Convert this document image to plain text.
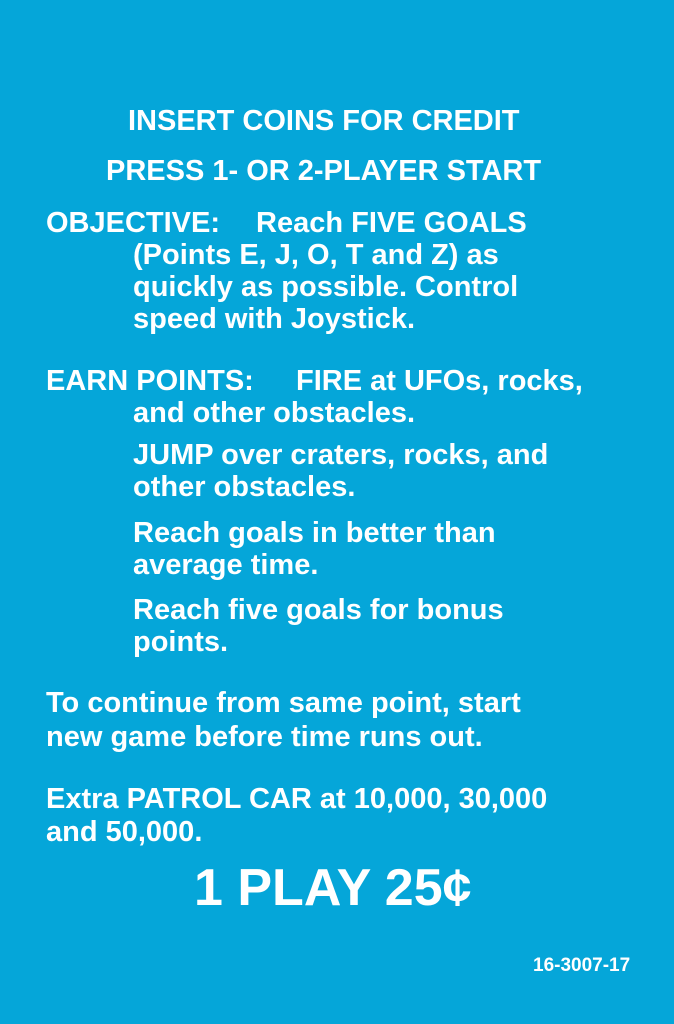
INSERT COINS FOR CREDIT
PRESS 1- OR 2-PLAYER START
OBJECTIVE: Reach FIVE GOALS
(Points E, J, O, T and Z) as
quickly as possible. Control
speed with Joystick.
EARN POINTS: FIRE at UFOs, rocks,
and other obstacles.
JUMP over craters, rocks, and
other obstacles.
Reach goals in better than
average time.
Reach five goals for bonus
points.
To continue from same point, start
new game before time runs out.
Extra PATROL CAR at 10,000, 30,000
and 50,000.
1 PLAY 25¢
16-3007-17
